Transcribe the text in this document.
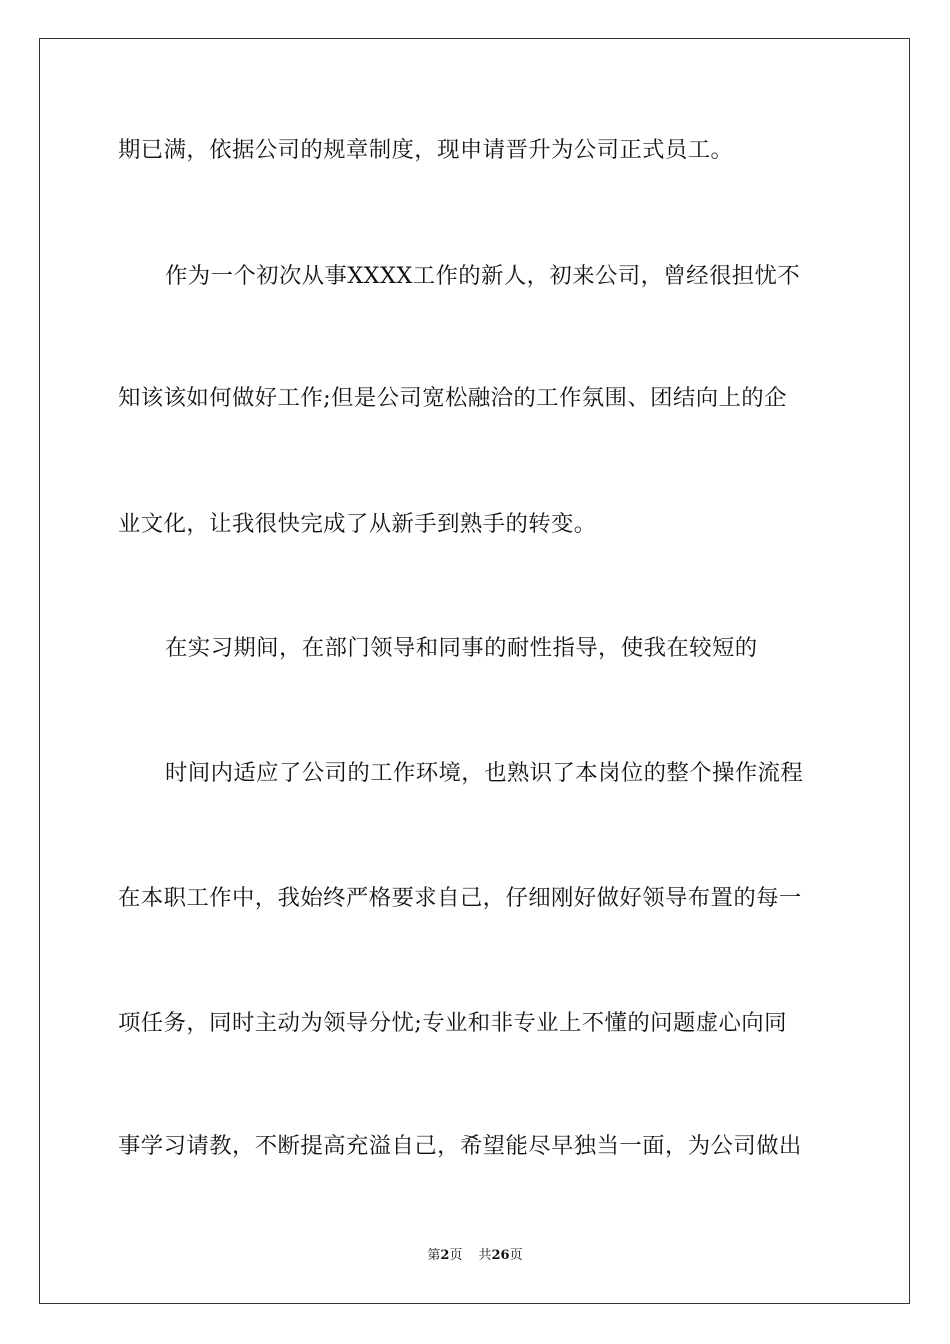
期已满，依据公司的规章制度，现申请晋升为公司正式员工。
作为一个初次从事XXXX工作的新人，初来公司，曾经很担忧不
知该该如何做好工作;但是公司宽松融洽的工作氛围、团结向上的企
业文化，让我很快完成了从新手到熟手的转变。
在实习期间，在部门领导和同事的耐性指导，使我在较短的
时间内适应了公司的工作环境，也熟识了本岗位的整个操作流程
在本职工作中，我始终严格要求自己，仔细刚好做好领导布置的每一
项任务，同时主动为领导分忧;专业和非专业上不懂的问题虚心向同
事学习请教，不断提高充溢自己，希望能尽早独当一面，为公司做出
第2页 共26页
